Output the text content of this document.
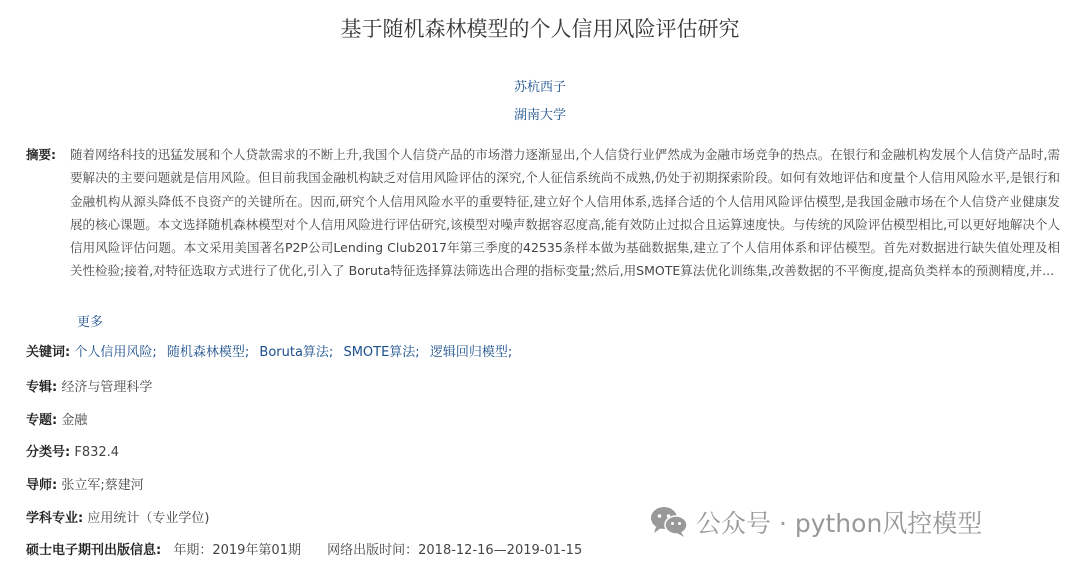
基于随机森林模型的个人信用风险评估研究
苏杭西子
湖南大学
摘要: 随着网络科技的迅猛发展和个人贷款需求的不断上升,我国个人信贷产品的市场潜力逐渐显出,个人信贷行业俨然成为金融市场竞争的热点。在银行和金融机构发展个人信贷产品时,需要解决的主要问题就是信用风险。但目前我国金融机构缺乏对信用风险评估的深究,个人征信系统尚不成熟,仍处于初期探索阶段。如何有效地评估和度量个人信用风险水平,是银行和金融机构从源头降低不良资产的关键所在。因而,研究个人信用风险水平的重要特征,建立好个人信用体系,选择合适的个人信用风险评估模型,是我国金融市场在个人信贷产业健康发展的核心课题。本文选择随机森林模型对个人信用风险进行评估研究,该模型对噪声数据容忍度高,能有效防止过拟合且运算速度快。与传统的风险评估模型相比,可以更好地解决个人信用风险评估问题。本文采用美国著名P2P公司Lending Club2017年第三季度的42535条样本做为基础数据集,建立了个人信用体系和评估模型。首先对数据进行缺失值处理及相关性检验;接着,对特征选取方式进行了优化,引入了 Boruta特征选择算法筛选出合理的指标变量;然后,用SMOTE算法优化训练集,改善数据的不平衡度,提高负类样本的预测精度,并...
更多
关键词: 个人信用风险; 随机森林模型; Boruta算法; SMOTE算法; 逻辑回归模型;
专辑: 经济与管理科学
专题: 金融
分类号: F832.4
导师: 张立军;蔡建河
学科专业: 应用统计（专业学位)
硕士电子期刊出版信息: 年期：2019年第01期 网络出版时间：2018-12-16—2019-01-15
公众号 · python风控模型
